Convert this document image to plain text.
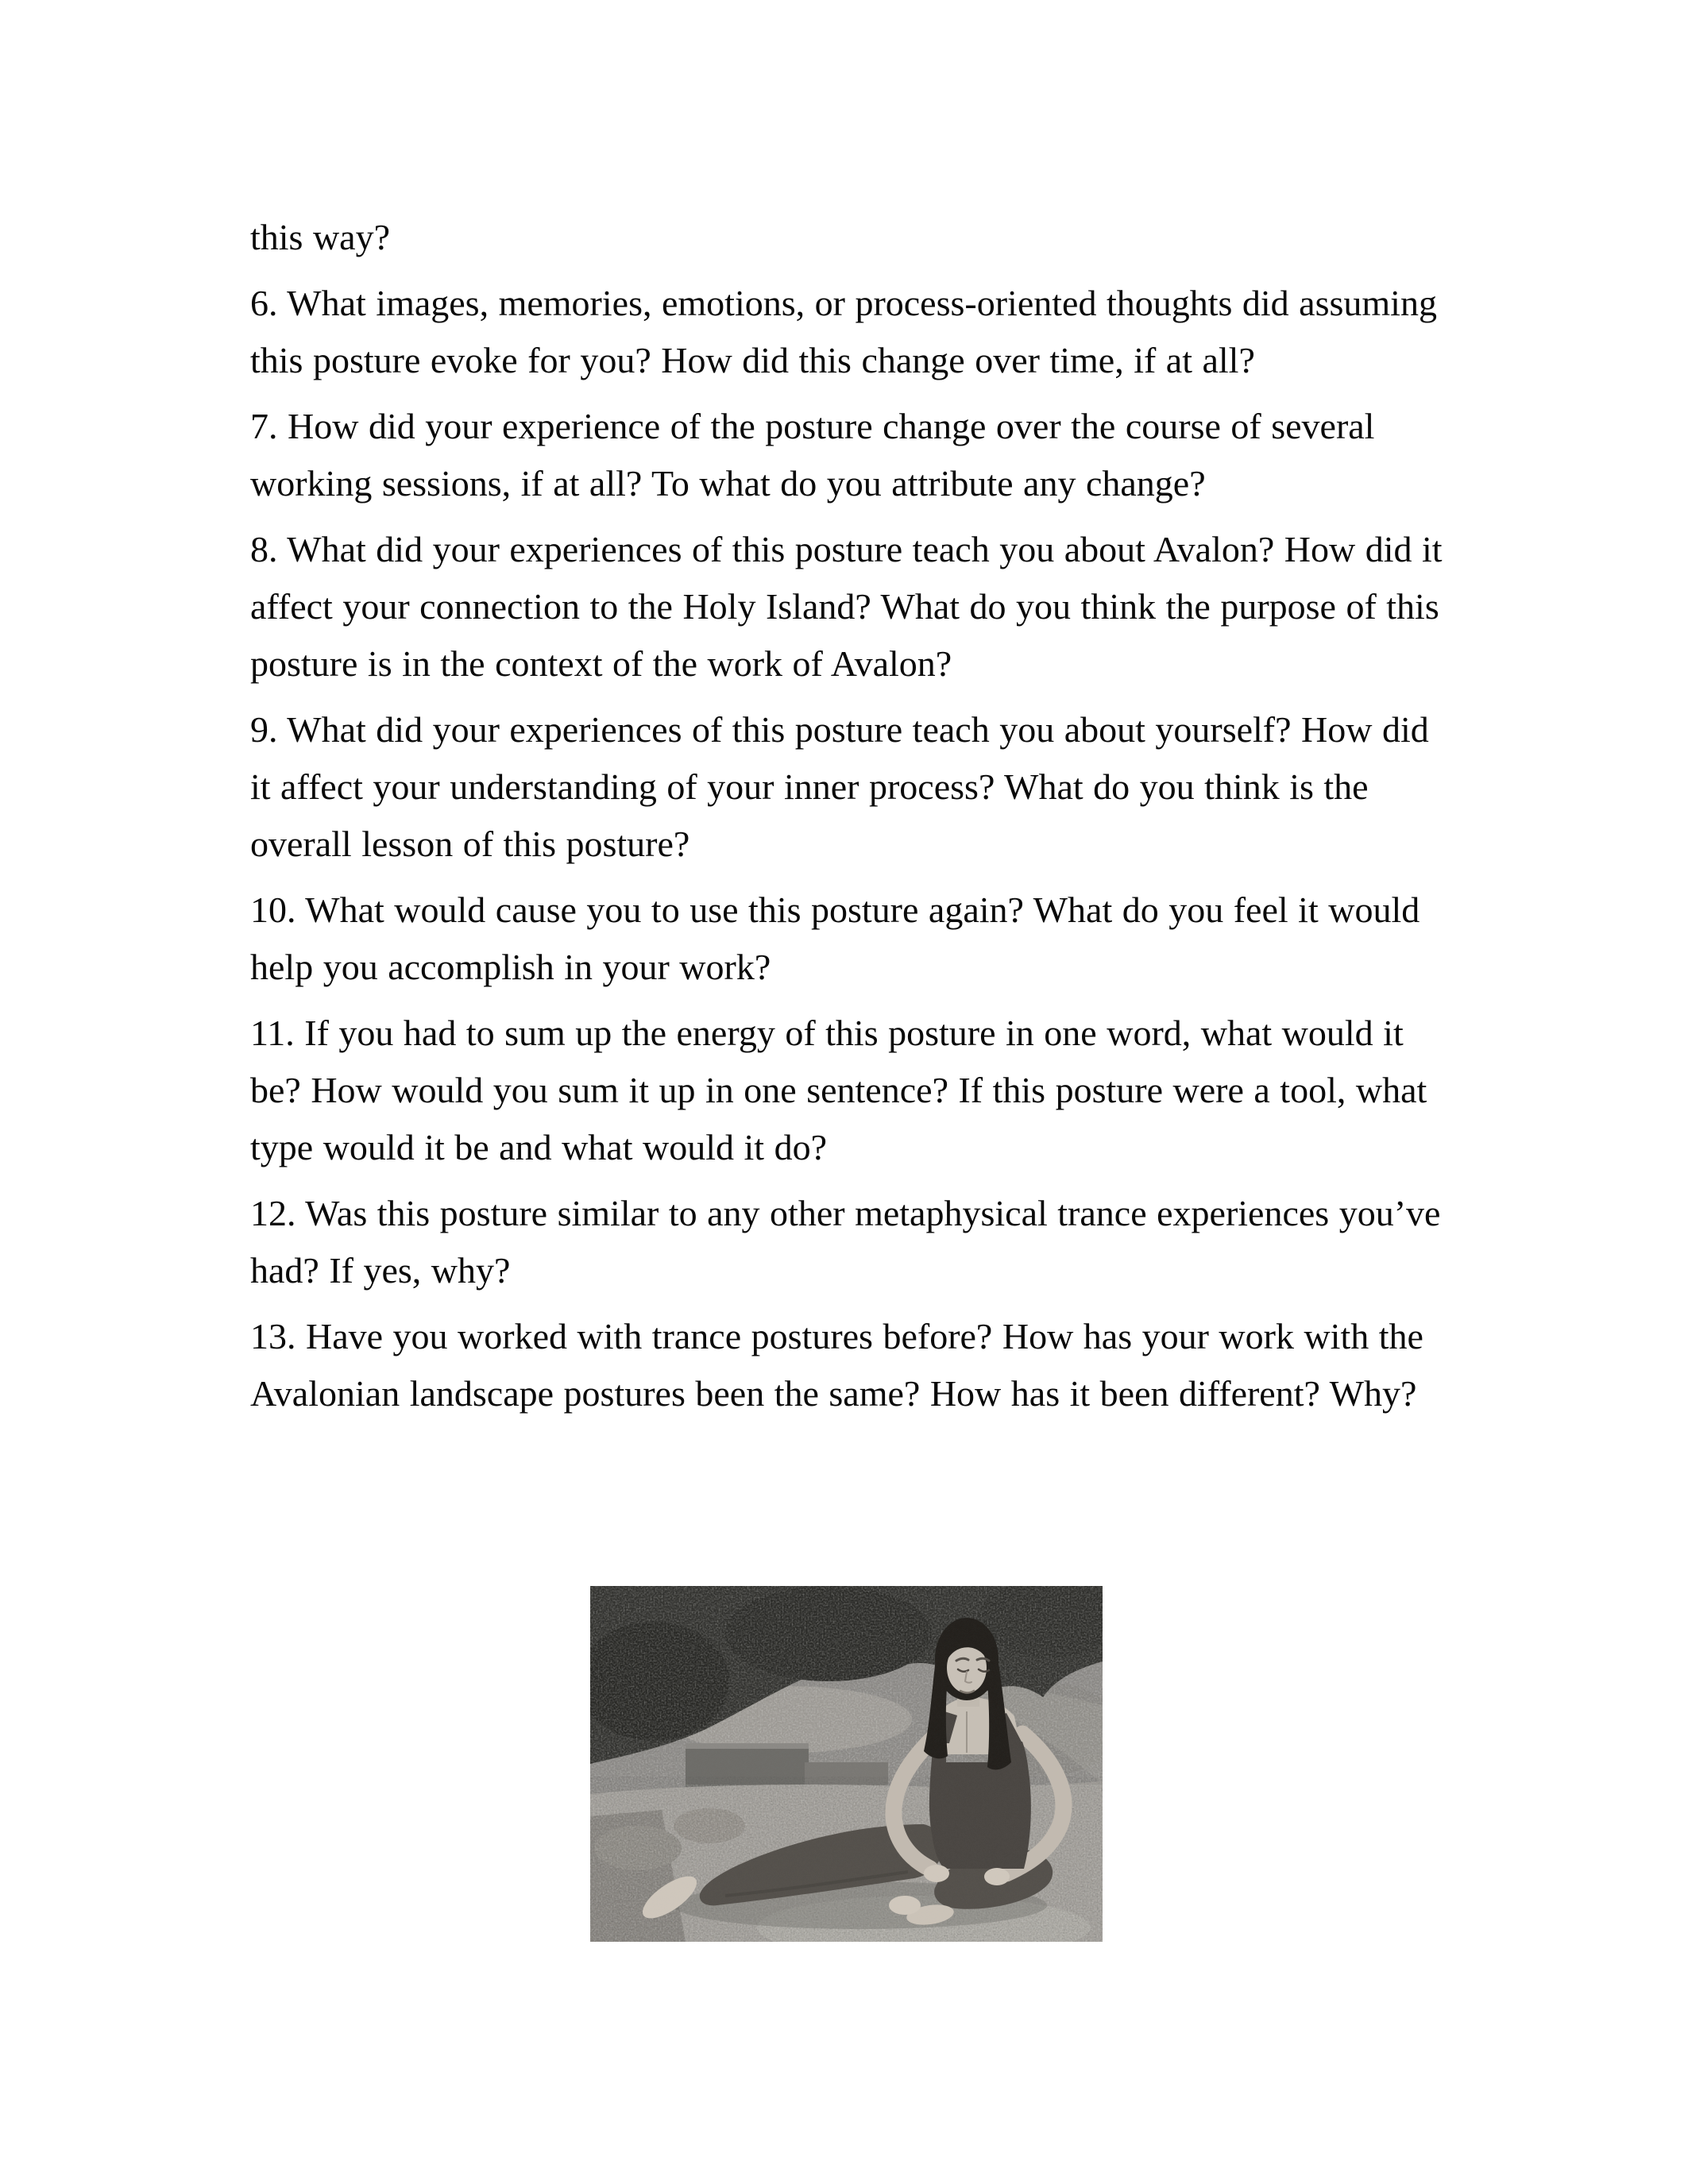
this way?

6. What images, memories, emotions, or process-oriented thoughts did assuming this posture evoke for you? How did this change over time, if at all?

7. How did your experience of the posture change over the course of several working sessions, if at all? To what do you attribute any change?

8. What did your experiences of this posture teach you about Avalon? How did it affect your connection to the Holy Island? What do you think the purpose of this posture is in the context of the work of Avalon?

9. What did your experiences of this posture teach you about yourself? How did it affect your understanding of your inner process? What do you think is the overall lesson of this posture?

10. What would cause you to use this posture again? What do you feel it would help you accomplish in your work?

11. If you had to sum up the energy of this posture in one word, what would it be? How would you sum it up in one sentence? If this posture were a tool, what type would it be and what would it do?

12. Was this posture similar to any other metaphysical trance experiences you’ve had? If yes, why?

13. Have you worked with trance postures before? How has your work with the Avalonian landscape postures been the same? How has it been different? Why?
